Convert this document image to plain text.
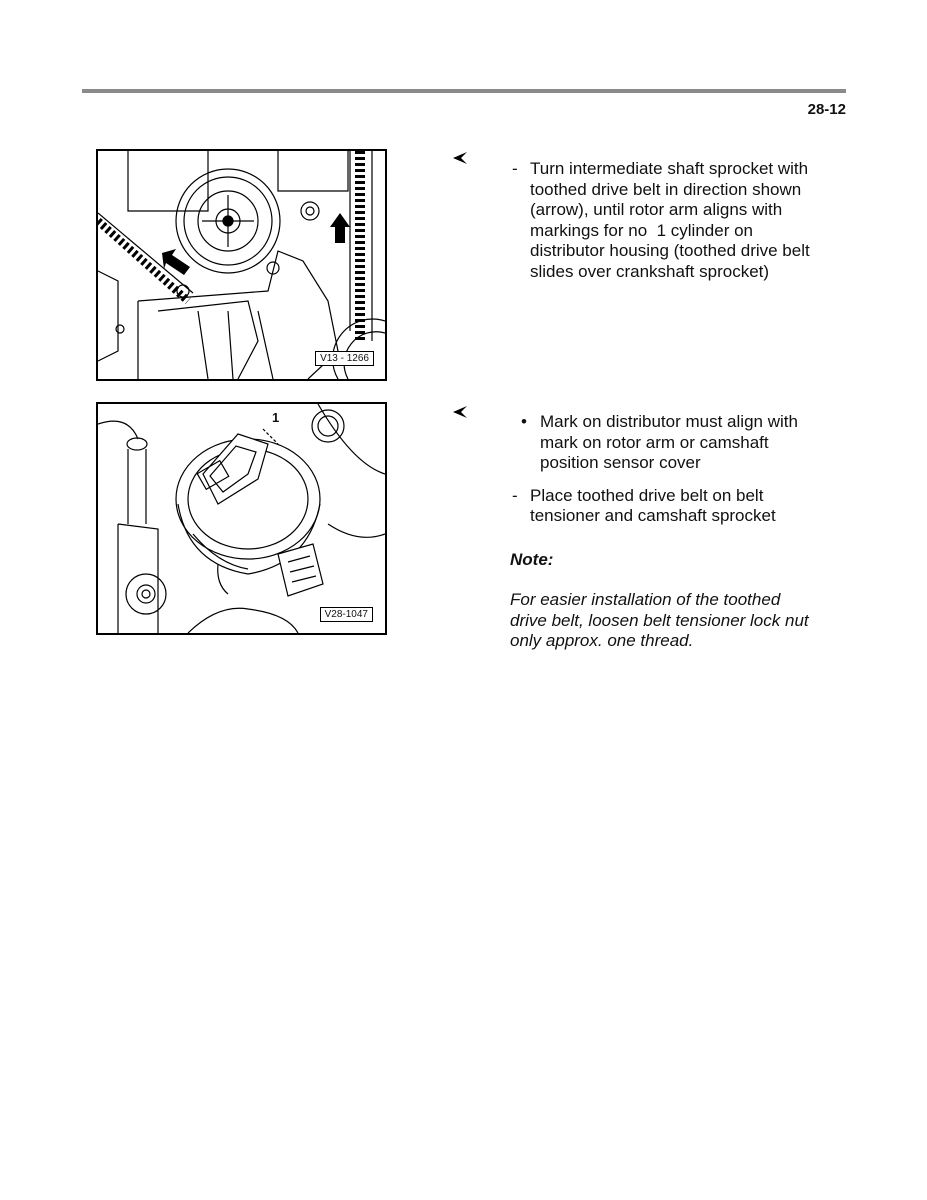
28-12
V13 - 1266
- Turn intermediate shaft sprocket with
toothed drive belt in direction shown
(arrow), until rotor arm aligns with
markings for no  1 cylinder on
distributor housing (toothed drive belt
slides over crankshaft sprocket)
1
V28-1047
• Mark on distributor must align with
mark on rotor arm or camshaft
position sensor cover
- Place toothed drive belt on belt
tensioner and camshaft sprocket
Note:
For easier installation of the toothed
drive belt, loosen belt tensioner lock nut
only approx. one thread.
